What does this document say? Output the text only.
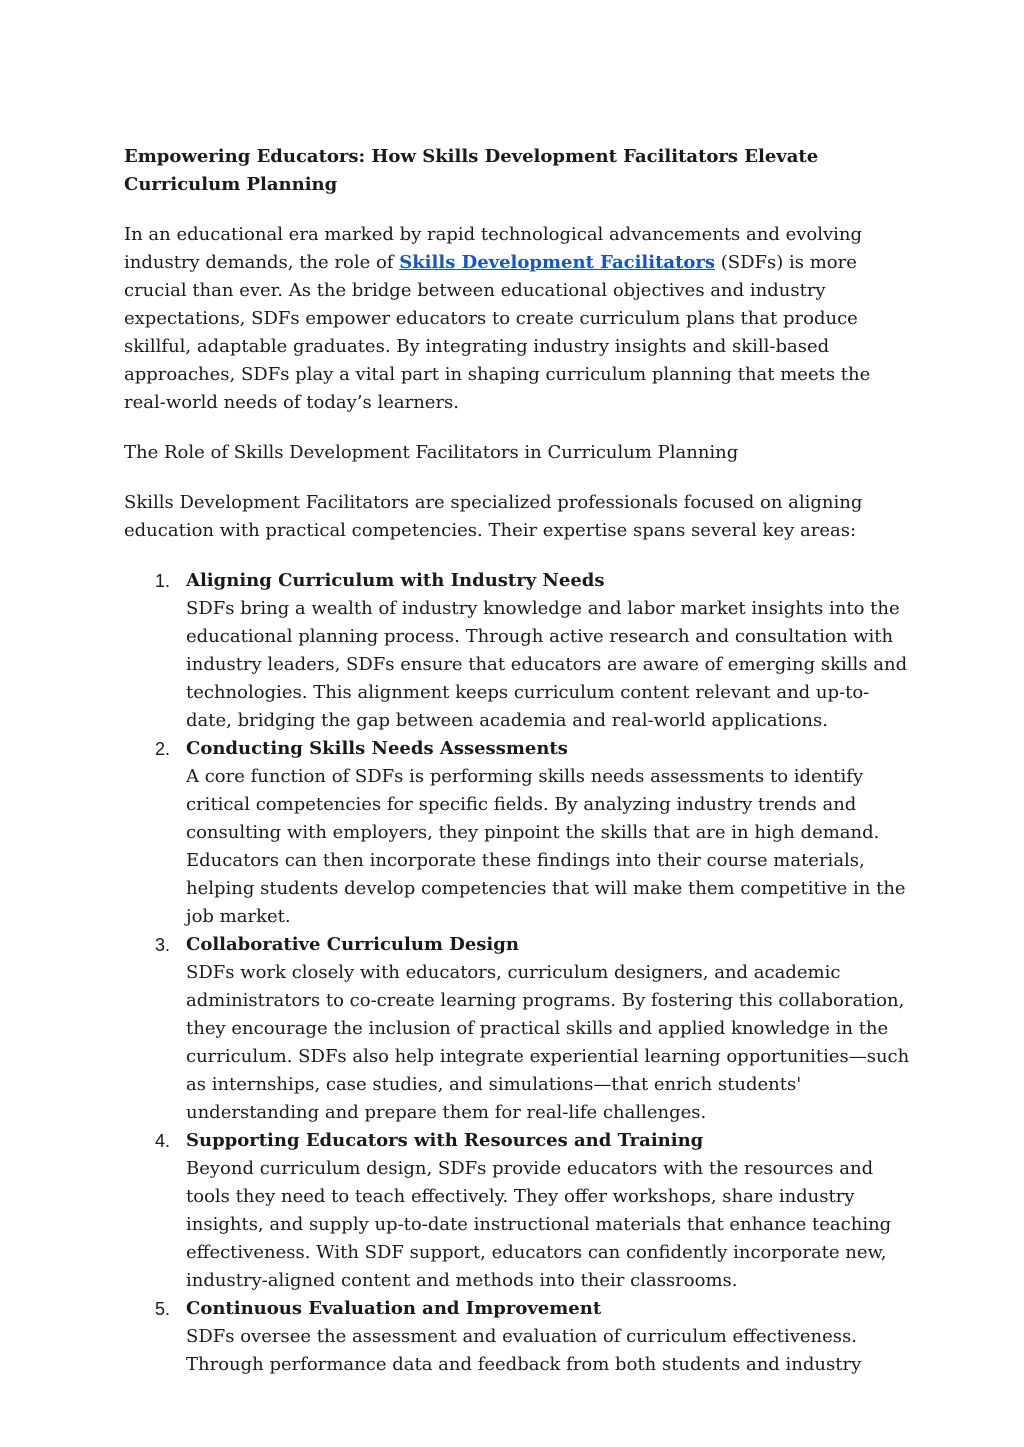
Empowering Educators: How Skills Development Facilitators Elevate Curriculum Planning

In an educational era marked by rapid technological advancements and evolving industry demands, the role of Skills Development Facilitators (SDFs) is more crucial than ever. As the bridge between educational objectives and industry expectations, SDFs empower educators to create curriculum plans that produce skillful, adaptable graduates. By integrating industry insights and skill-based approaches, SDFs play a vital part in shaping curriculum planning that meets the real-world needs of today’s learners.

The Role of Skills Development Facilitators in Curriculum Planning

Skills Development Facilitators are specialized professionals focused on aligning education with practical competencies. Their expertise spans several key areas:

1. Aligning Curriculum with Industry Needs
SDFs bring a wealth of industry knowledge and labor market insights into the educational planning process. Through active research and consultation with industry leaders, SDFs ensure that educators are aware of emerging skills and technologies. This alignment keeps curriculum content relevant and up-to-date, bridging the gap between academia and real-world applications.
2. Conducting Skills Needs Assessments
A core function of SDFs is performing skills needs assessments to identify critical competencies for specific fields. By analyzing industry trends and consulting with employers, they pinpoint the skills that are in high demand. Educators can then incorporate these findings into their course materials, helping students develop competencies that will make them competitive in the job market.
3. Collaborative Curriculum Design
SDFs work closely with educators, curriculum designers, and academic administrators to co-create learning programs. By fostering this collaboration, they encourage the inclusion of practical skills and applied knowledge in the curriculum. SDFs also help integrate experiential learning opportunities—such as internships, case studies, and simulations—that enrich students' understanding and prepare them for real-life challenges.
4. Supporting Educators with Resources and Training
Beyond curriculum design, SDFs provide educators with the resources and tools they need to teach effectively. They offer workshops, share industry insights, and supply up-to-date instructional materials that enhance teaching effectiveness. With SDF support, educators can confidently incorporate new, industry-aligned content and methods into their classrooms.
5. Continuous Evaluation and Improvement
SDFs oversee the assessment and evaluation of curriculum effectiveness. Through performance data and feedback from both students and industry
